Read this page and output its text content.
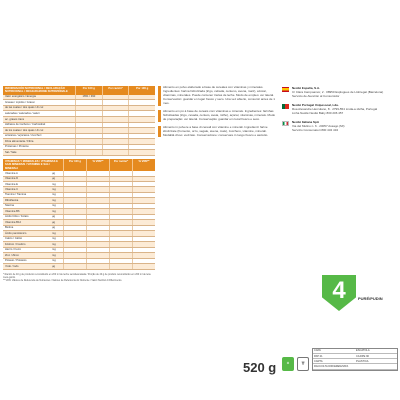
INFORMACIÓN NUTRICIONAL / DECLARAÇÃO NUTRICIONAL / DICHIARAZIONE NUTRIZIONALE
Por 100 g	Por ración*	Por 100 g
Valor energético / Energia	1651 / 390
Grasas / Lípidos / Grassi
de las cuales / dos quais / di cui:
saturadas / saturados / saturi
ac. grasos trans
Hidratos de Carbono / Carboidrati
de los cuales / dos quais / di cui:
azúcares / açúcares / zuccheri
Fibra alimentaria / Fibra
Proteínas / Proteine
Sal / Sale
VITAMINAS Y MINERALES / VITAMINAS E SAIS MINERAIS / VITAMINE E SALI MINERALI
Por 100 g	% VRN**	Por ración*	% VRN**
Vitamina A	µg
Vitamina D	µg
Vitamina E	mg
Vitamina C	mg
Tiamina / Tiamina	mg
Riboflavina	mg
Niacina	mg
Vitamina B6	mg
Ácido fólico / Folato	µg
Vitamina B12	µg
Biotina	µg
Ácido pantoténico	mg
Calcio / Cálcio	mg
Fósforo / Fosforo	mg
Hierro / Ferro	mg
Zinc / Zinco	mg
Potasio / Potássio	mg
Yodo / Iodo	µg
* Ración de 40 g de producto reconstituido en 200 ml de leche semidesnatada / Porção de 40 g de produto reconstituído em 200 ml de leite meio-gordo.
** VRN: Valores de Referencia de Nutrientes / Valores de Referência do Nutriente / Valori Nutritivi di Riferimento.
Alimento en polvo elaborado a base de cereales con vitaminas y minerales. Ingredientes: harina hidrolizada (trigo, cebada, centeno, avena, maíz), azúcar, vitaminas, minerales. Puede contener trazas de leche. Modo de empleo: ver lateral. Conservación: guardar en lugar fresco y seco. Una vez abierto, consumir antes de 1 mes.
Alimento em pó à base de cereais com vitaminas e minerais. Ingredientes: farinhas hidrolisadas (trigo, cevada, centeio, aveia, milho), açúcar, vitaminas, minerais. Modo de preparação: ver lateral. Conservação: guardar em local fresco e seco.
Alimento in polvere a base di cereali con vitamine e minerali. Ingredienti: farine idrolizzate (frumento, orzo, segale, avena, mais), zucchero, vitamine, minerali. Modalità d'uso: vedi lato. Conservazione: conservare in luogo fresco e asciutto.
Nestlé España, S.A.
C/ Clara Campoamor, 2 · 08950 Esplugues de Llobregat (Barcelona)
Servicio de Atención al Consumidor
Nestlé Portugal Unipessoal, Lda.
Rua Alexandre Herculano, 8 · 2799-554 Linda-a-Velha, Portugal
Linha Nestlé Nestlé Baby 800 206 457
Nestlé Italiana SpA
Via del Mulino n. 6 · 20057 Assago (MI)
Servizio Consumatori 800 434 434
4	PURÉ/PUDIN
520 g	♻	🗑
CAPA	ESCATOLA
PAP 21	C/LDPE 90
CARTA	PLASTICA
RACCOLTA DIFFERENZIATA
